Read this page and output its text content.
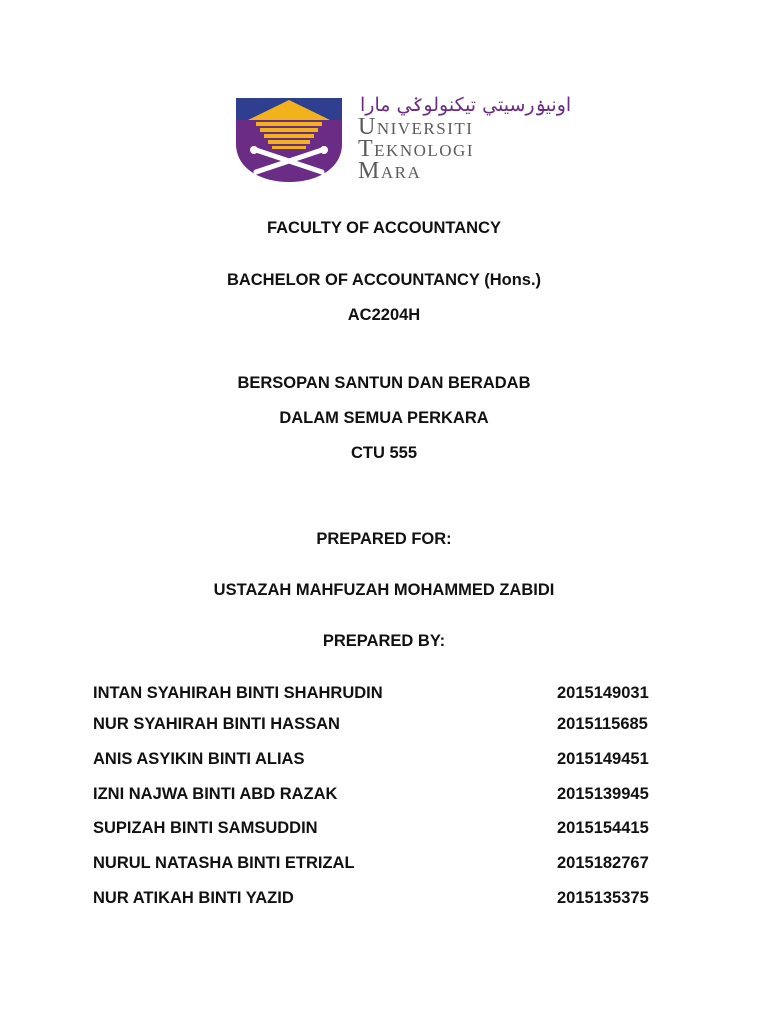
اونيۏرسيتي تيكنولوݢي مارا
Universiti
Teknologi
Mara
FACULTY OF ACCOUNTANCY
BACHELOR OF ACCOUNTANCY (Hons.)
AC2204H
BERSOPAN SANTUN DAN BERADAB
DALAM SEMUA PERKARA
CTU 555
PREPARED FOR:
USTAZAH MAHFUZAH MOHAMMED ZABIDI
PREPARED BY:
INTAN SYAHIRAH BINTI SHAHRUDIN	2015149031
NUR SYAHIRAH BINTI HASSAN	2015115685
ANIS ASYIKIN BINTI ALIAS	2015149451
IZNI NAJWA BINTI ABD RAZAK	2015139945
SUPIZAH BINTI SAMSUDDIN	2015154415
NURUL NATASHA BINTI ETRIZAL	2015182767
NUR ATIKAH BINTI YAZID	2015135375
